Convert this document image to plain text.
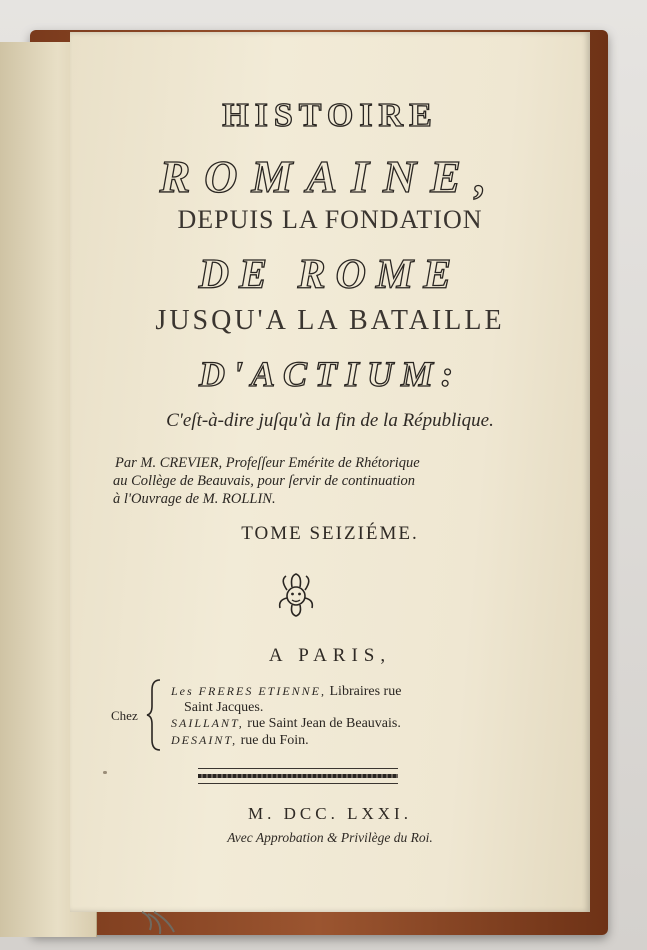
HISTOIRE
ROMAINE,
DEPUIS LA FONDATION
DE ROME
JUSQU'A LA BATAILLE
D'ACTIUM:
C'eſt-à-dire juſqu'à la fin de la République.
Par M. CREVIER, Profeſſeur Emérite de Rhétorique
au Collège de Beauvais, pour ſervir de continuation
à l'Ouvrage de M. ROLLIN.
TOME SEIZIÉME.
A PARIS,
Chez
Les FRERES ETIENNE, Libraires rue
Saint Jacques.
SAILLANT, rue Saint Jean de Beauvais.
DESAINT, rue du Foin.
M. DCC. LXXI.
Avec Approbation & Privilège du Roi.
